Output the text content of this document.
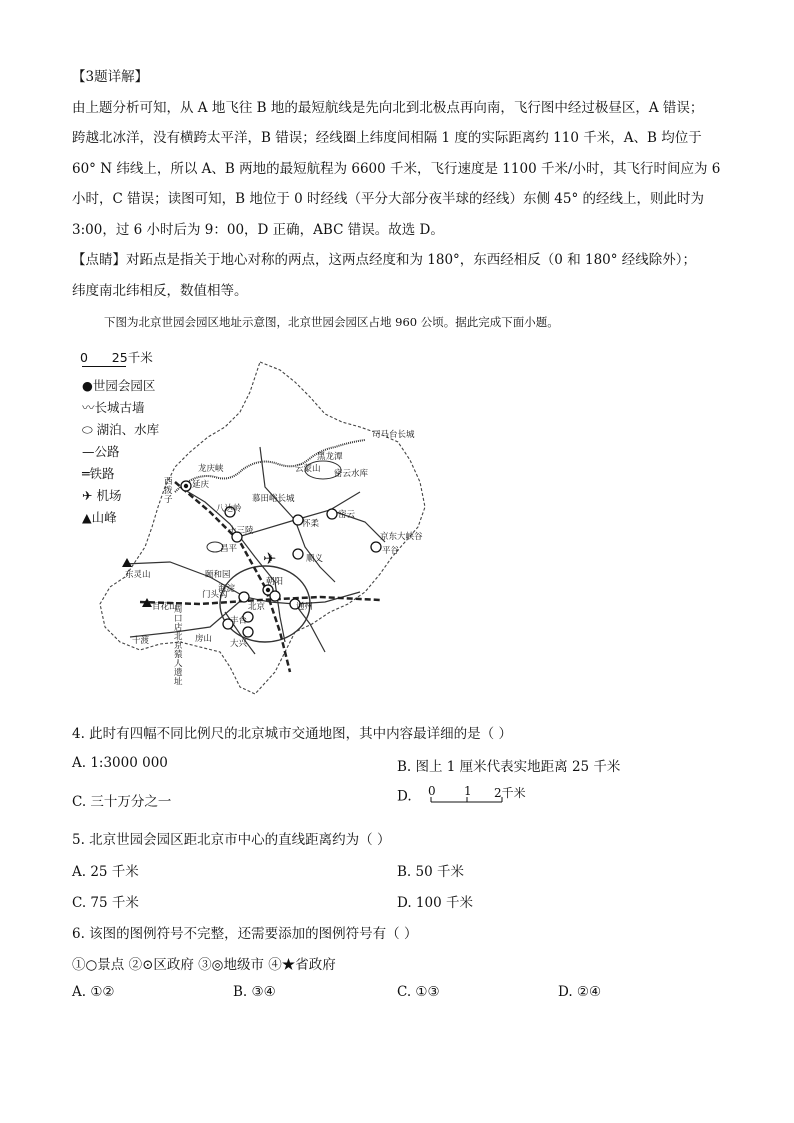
【3题详解】
由上题分析可知，从 A 地飞往 B 地的最短航线是先向北到北极点再向南，飞行图中经过极昼区，A 错误；
跨越北冰洋，没有横跨太平洋，B 错误；经线圈上纬度间相隔 1 度的实际距离约 110 千米，A、B 均位于
60° N 纬线上，所以 A、B 两地的最短航程为 6600 千米，飞行速度是 1100 千米/小时，其飞行时间应为 6
小时，C 错误；读图可知，B 地位于 0 时经线（平分大部分夜半球的经线）东侧 45° 的经线上，则此时为
3:00，过 6 小时后为 9：00，D 正确，ABC 错误。故选 D。
【点睛】对跖点是指关于地心对称的两点，这两点经度和为 180°，东西经相反（0 和 180° 经线除外）；
纬度南北纬相反，数值相等。
下图为北京世园会园区地址示意图，北京世园会园区占地 960 公顷。据此完成下面小题。
✈
0      25千米
●世园会园区
〰长城古墙
⬭ 湖泊、水库
—公路
═铁路
✈ 机场
▲山峰
龙庆峡
延庆
八达岭
慕田峪长城
云蒙山
黑龙潭
密云水库
司马台长城
怀柔
密云
京东大峡谷
平谷
昌平
十三陵
顺义
颐和园
海淀
朝阳
门头沟
北京	通州
东灵山
百花山
丰台
房山 大兴
十渡
周口店北京猿人遗址
西拨子
4. 此时有四幅不同比例尺的北京城市交通地图，其中内容最详细的是（ ）
A. 1:3000 000	B. 图上 1 厘米代表实地距离 25 千米
C. 三十万分之一	D. 0 1 2千米
5. 北京世园会园区距北京市中心的直线距离约为（ ）
A. 25 千米	B. 50 千米
C. 75 千米	D. 100 千米
6. 该图的图例符号不完整，还需要添加的图例符号有（ ）
①○景点 ②⊙区政府 ③◎地级市 ④★省政府
A. ①②	B. ③④	C. ①③	D. ②④
